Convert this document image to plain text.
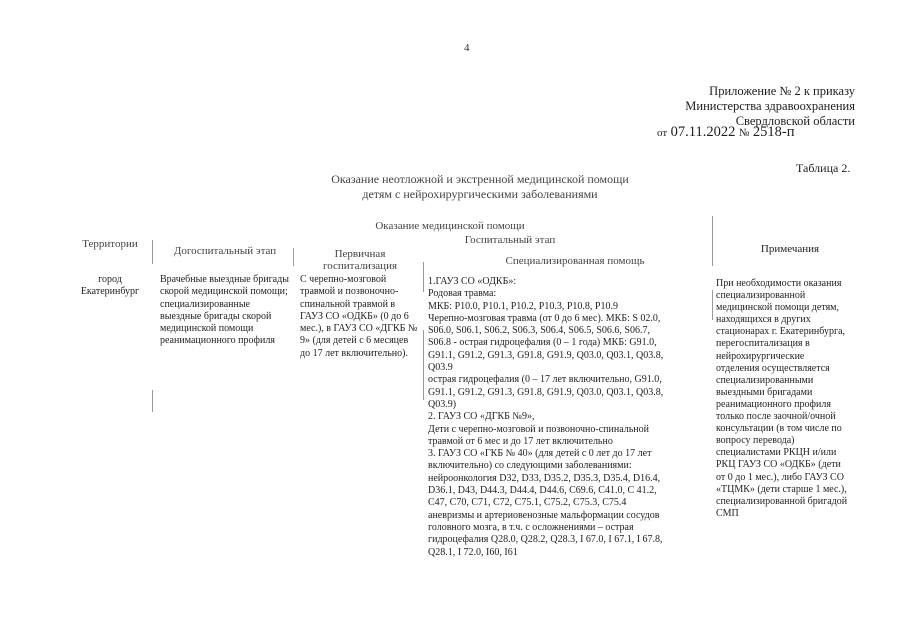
4
Приложение № 2 к приказу
Министерства здравоохранения
Свердловской области
от 07.11.2022 № 2518-п
Таблица 2.
Оказание неотложной и экстренной медицинской помощи
детям с нейрохирургическими заболеваниями
Территории
Оказание медицинской помощи
Догоспитальный этап
Госпитальный этап
Первичная госпитализация	Специализированная помощь
Примечания
город Екатеринбург
Врачебные выездные бригады скорой медицинской помощи; специализированные выездные бригады скорой медицинской помощи реанимационного профиля
С черепно-мозговой травмой и позвоночно-спинальной травмой в ГАУЗ СО «ОДКБ» (0 до 6 мес.), в ГАУЗ СО «ДГКБ № 9» (для детей с 6 месяцев до 17 лет включительно).
1.ГАУЗ СО «ОДКБ»:
Родовая травма:
МКБ: P10.0, P10.1, P10.2, P10.3, P10.8, P10.9
Черепно-мозговая травма (от 0 до 6 мес). МКБ: S 02.0,
S06.0, S06.1, S06.2, S06.3, S06.4, S06.5, S06.6, S06.7,
S06.8 - острая гидроцефалия (0 – 1 года) МКБ: G91.0,
G91.1, G91.2, G91.3, G91.8, G91.9, Q03.0, Q03.1, Q03.8,
Q03.9
острая гидроцефалия (0 – 17 лет включительно, G91.0,
G91.1, G91.2, G91.3, G91.8, G91.9, Q03.0, Q03.1, Q03.8,
Q03.9)
2. ГАУЗ СО «ДГКБ №9»,
Дети с черепно-мозговой и позвоночно-спинальной
травмой от 6 мес и до 17 лет включительно
3. ГАУЗ СО «ГКБ № 40» (для детей с 0 лет до 17 лет
включительно) со следующими заболеваниями:
нейроонкология D32, D33, D35.2, D35.3, D35.4, D16.4,
D36.1, D43, D44.3, D44.4, D44.6, C69.6, C41.0, C 41.2,
C47, C70, C71, C72, C75.1, C75.2, C75.3, C75.4
аневризмы и артериовенозные мальформации сосудов
головного мозга, в т.ч. с осложнениями – острая
гидроцефалия Q28.0, Q28.2, Q28.3, I 67.0, I 67.1, I 67.8,
Q28.1, I 72.0, I60, I61
При необходимости оказания специализированной медицинской помощи детям, находящихся в других стационарах г. Екатеринбурга, перегоспитализация в нейрохирургические отделения осуществляется специализированными выездными бригадами реанимационного профиля только после заочной/очной консультации (в том числе по вопросу перевода) специалистами РКЦН и/или РКЦ ГАУЗ СО «ОДКБ» (дети от 0 до 1 мес.), либо ГАУЗ СО «ТЦМК» (дети старше 1 мес.), специализированной бригадой СМП
